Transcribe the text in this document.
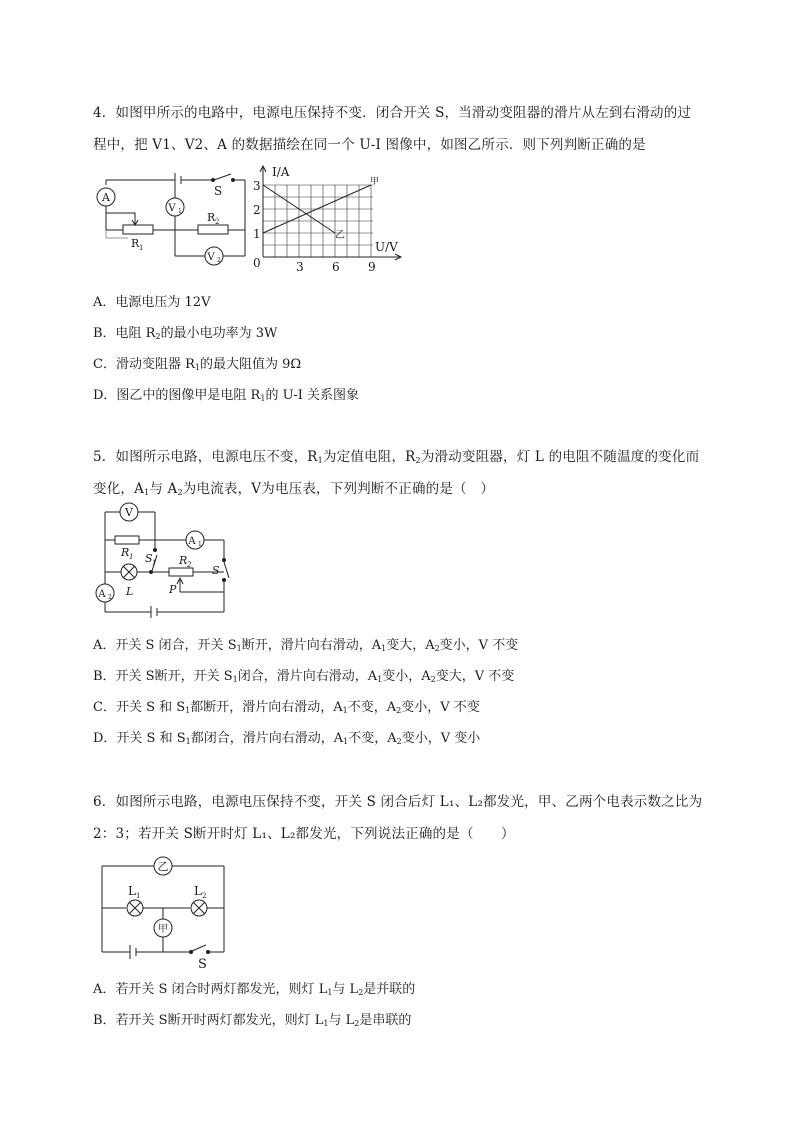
4．如图甲所示的电路中，电源电压保持不变．闭合开关 S，当滑动变阻器的滑片从左到右滑动的过
程中，把 V1、V2、A 的数据描绘在同一个 U-I 图像中，如图乙所示．则下列判断正确的是
A
V 1
V 2
S
R 1
R 2
I/A
U/V
3
2
1
0	3 6 9
甲
乙
A．电源电压为 12V
B．电阻 $R_2$的最小电功率为 3W
C．滑动变阻器 $R_1$的最大阻值为 9Ω
D．图乙中的图像甲是电阻 $R_1$的 U-I 关系图象
5．如图所示电路，电源电压不变，$R_1$为定值电阻，$R_2$为滑动变阻器，灯 L 的电阻不随温度的变化而
变化，$A_1$与 $A_2$为电流表，V为电压表，下列判断不正确的是（　）
V
A 1
A 2
R 1	R 2
S 1
S
L	P
A．开关 S 闭合，开关 $S_1$断开，滑片向右滑动，$A_1$变大，$A_2$变小，V 不变
B．开关 S断开，开关 $S_1$闭合，滑片向右滑动，$A_1$变小，$A_2$变大，V 不变
C．开关 S 和 $S_1$都断开，滑片向右滑动，$A_1$不变，$A_2$变小，V 不变
D．开关 S 和 $S_1$都闭合，滑片向右滑动，$A_1$不变，$A_2$变小，V 变小
6．如图所示电路，电源电压保持不变，开关 S 闭合后灯 L₁、L₂都发光，甲、乙两个电表示数之比为
2：3；若开关 S断开时灯 L₁、L₂都发光，下列说法正确的是（　　）
乙
甲
L 1	L 2
S
A．若开关 S 闭合时两灯都发光，则灯 $L_1$与 $L_2$是并联的
B．若开关 S断开时两灯都发光，则灯 $L_1$与 $L_2$是串联的
